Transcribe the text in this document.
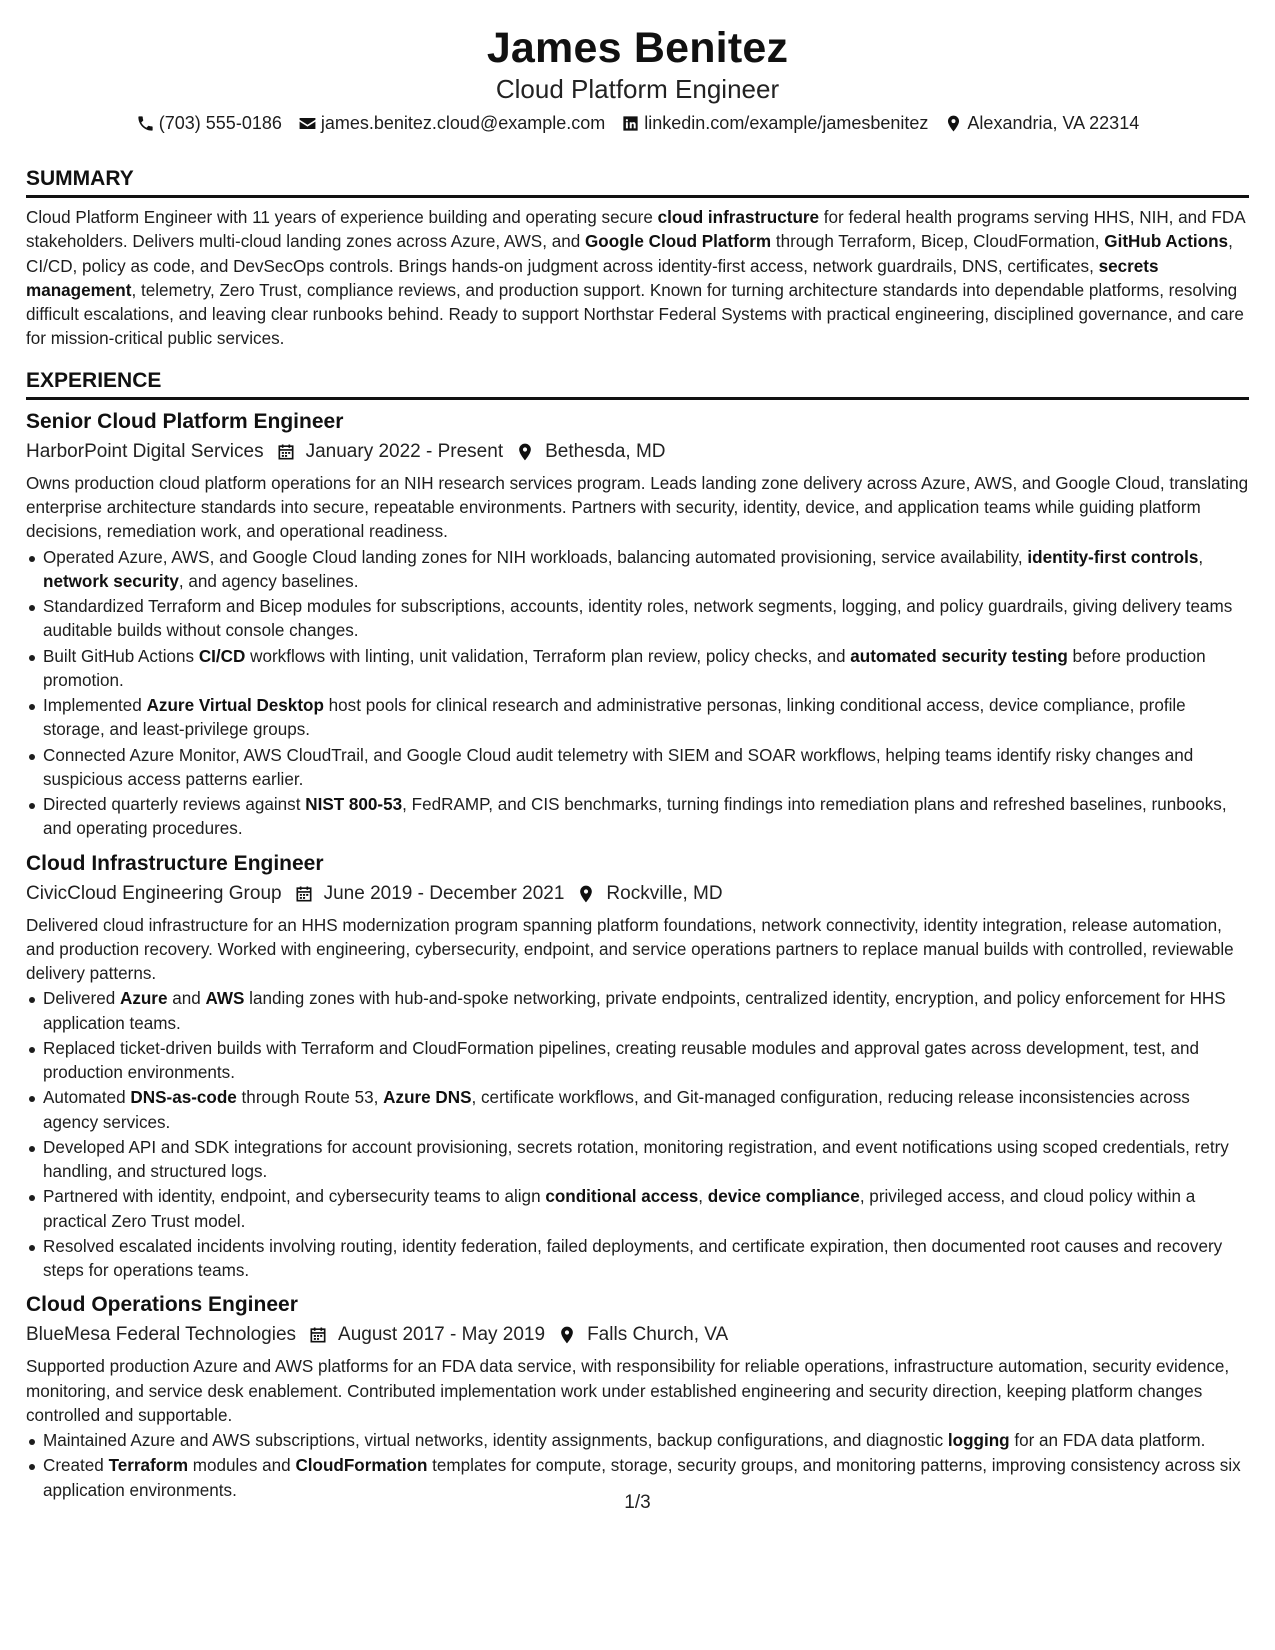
James Benitez
Cloud Platform Engineer
(703) 555-0186 james.benitez.cloud@example.com linkedin.com/example/jamesbenitez Alexandria, VA 22314
SUMMARY

Cloud Platform Engineer with 11 years of experience building and operating secure cloud infrastructure for federal health programs serving HHS, NIH, and FDA stakeholders. Delivers multi-cloud landing zones across Azure, AWS, and Google Cloud Platform through Terraform, Bicep, CloudFormation, GitHub Actions, CI/CD, policy as code, and DevSecOps controls. Brings hands-on judgment across identity-first access, network guardrails, DNS, certificates, secrets management, telemetry, Zero Trust, compliance reviews, and production support. Known for turning architecture standards into dependable platforms, resolving difficult escalations, and leaving clear runbooks behind. Ready to support Northstar Federal Systems with practical engineering, disciplined governance, and care for mission-critical public services.

EXPERIENCE
Senior Cloud Platform Engineer
HarborPoint Digital Services January 2022 - Present Bethesda, MD

Owns production cloud platform operations for an NIH research services program. Leads landing zone delivery across Azure, AWS, and Google Cloud, translating enterprise architecture standards into secure, repeatable environments. Partners with security, identity, device, and application teams while guiding platform decisions, remediation work, and operational readiness.

Operated Azure, AWS, and Google Cloud landing zones for NIH workloads, balancing automated provisioning, service availability, identity-first controls, network security, and agency baselines.
Standardized Terraform and Bicep modules for subscriptions, accounts, identity roles, network segments, logging, and policy guardrails, giving delivery teams auditable builds without console changes.
Built GitHub Actions CI/CD workflows with linting, unit validation, Terraform plan review, policy checks, and automated security testing before production promotion.
Implemented Azure Virtual Desktop host pools for clinical research and administrative personas, linking conditional access, device compliance, profile storage, and least-privilege groups.
Connected Azure Monitor, AWS CloudTrail, and Google Cloud audit telemetry with SIEM and SOAR workflows, helping teams identify risky changes and suspicious access patterns earlier.
Directed quarterly reviews against NIST 800-53, FedRAMP, and CIS benchmarks, turning findings into remediation plans and refreshed baselines, runbooks, and operating procedures.
Cloud Infrastructure Engineer
CivicCloud Engineering Group June 2019 - December 2021 Rockville, MD

Delivered cloud infrastructure for an HHS modernization program spanning platform foundations, network connectivity, identity integration, release automation, and production recovery. Worked with engineering, cybersecurity, endpoint, and service operations partners to replace manual builds with controlled, reviewable delivery patterns.

Delivered Azure and AWS landing zones with hub-and-spoke networking, private endpoints, centralized identity, encryption, and policy enforcement for HHS application teams.
Replaced ticket-driven builds with Terraform and CloudFormation pipelines, creating reusable modules and approval gates across development, test, and production environments.
Automated DNS-as-code through Route 53, Azure DNS, certificate workflows, and Git-managed configuration, reducing release inconsistencies across agency services.
Developed API and SDK integrations for account provisioning, secrets rotation, monitoring registration, and event notifications using scoped credentials, retry handling, and structured logs.
Partnered with identity, endpoint, and cybersecurity teams to align conditional access, device compliance, privileged access, and cloud policy within a practical Zero Trust model.
Resolved escalated incidents involving routing, identity federation, failed deployments, and certificate expiration, then documented root causes and recovery steps for operations teams.
Cloud Operations Engineer
BlueMesa Federal Technologies August 2017 - May 2019 Falls Church, VA

Supported production Azure and AWS platforms for an FDA data service, with responsibility for reliable operations, infrastructure automation, security evidence, monitoring, and service desk enablement. Contributed implementation work under established engineering and security direction, keeping platform changes controlled and supportable.

Maintained Azure and AWS subscriptions, virtual networks, identity assignments, backup configurations, and diagnostic logging for an FDA data platform.
Created Terraform modules and CloudFormation templates for compute, storage, security groups, and monitoring patterns, improving consistency across six application environments.
1/3
